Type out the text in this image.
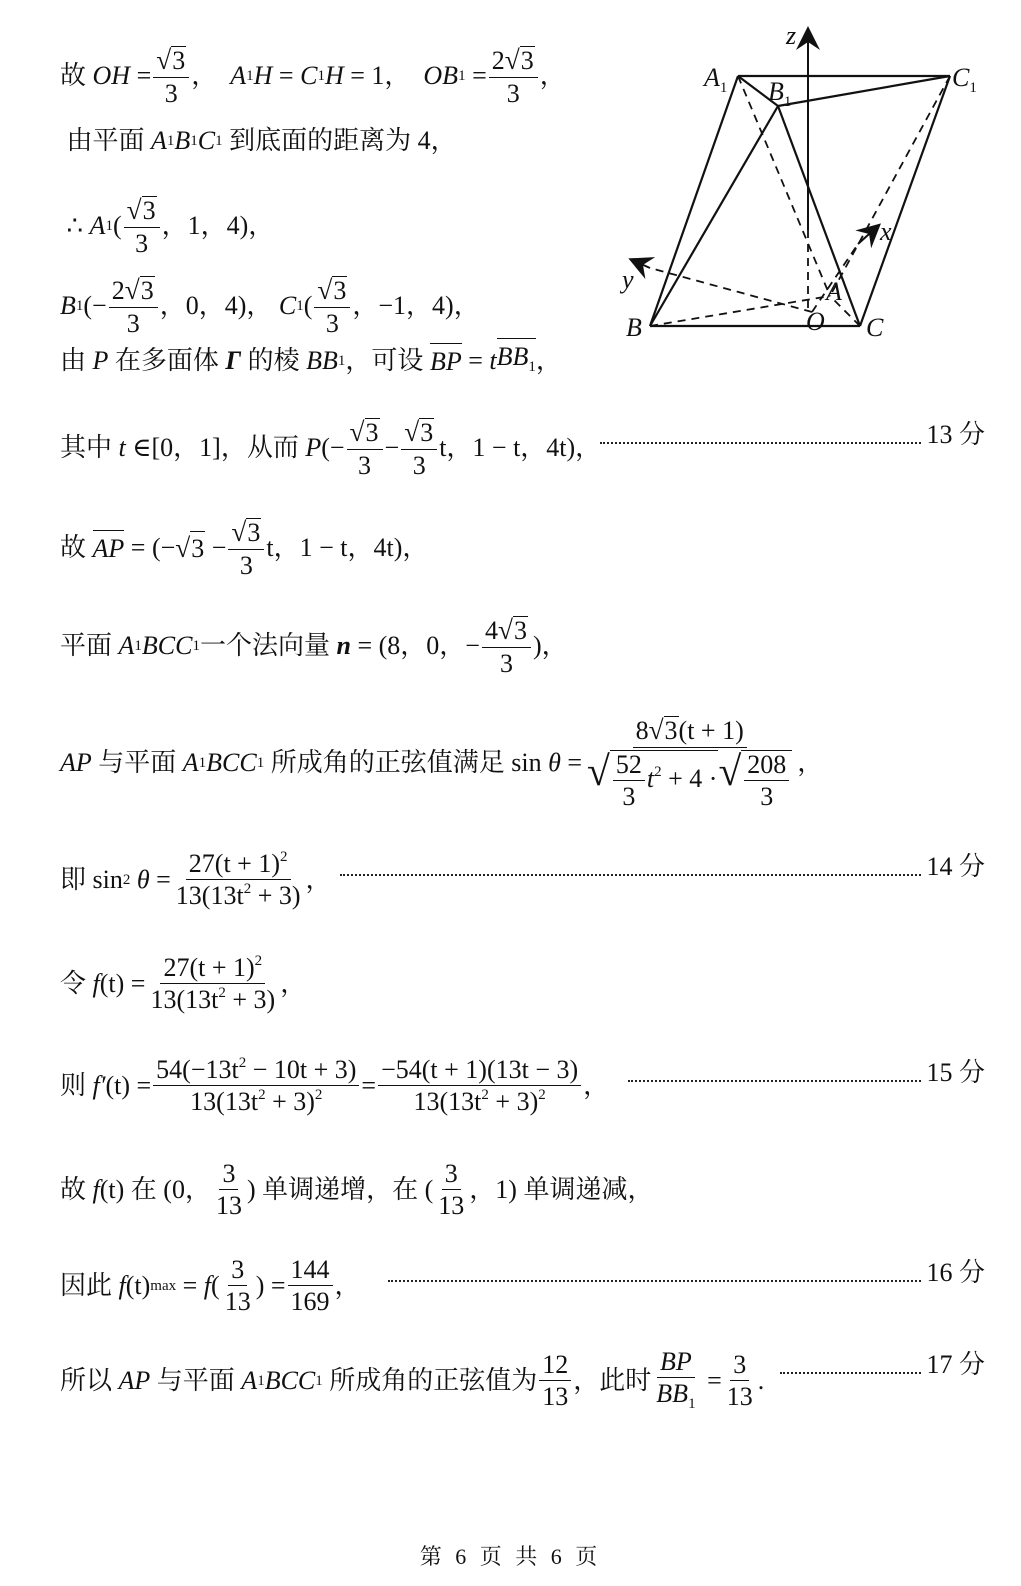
z
x
y
$A_1$ $B_1$
$C_1$
A
O
B	C
故
OH
= $\frac{√ 3}{3}$ ，
A 1 H
=
C 1 H
= 1 ，
OB 1
= $\frac{2 √ 3}{3}$ ，

由平面
A 1 B 1 C 1
到底面的距离为 4，

∴
A 1 ( $\frac{√ 3}{3}$ ，1，4)，
B 1 (− $\frac{2 √ 3}{3}$ ，0，4)，
C 1 ( $\frac{√ 3}{3}$ ，−1，4)，
由
P
在多面体
Γ
的棱
BB 1 ，可设
BP
=
t $BB_1$ ，
其中
t
∈[0，1]，从而
P (− $\frac{√ 3}{3} - \frac{√ 3}{3}$ t，1 − t，4t)，	13 分
故
AP
= (− √ 3
− $\frac{√ 3}{3}$ t，1 − t，4t)，
平面
A 1 BCC 1 一个法向量
n
= (8，0，− $\frac{4 √ 3}{3}$ )，
AP
与平面
A 1 BCC 1
所成角的正弦值满足 sin
θ
= $\frac{8 √ 3 (t + 1)}{√ \frac{52}{3} t^2 + 4 \cdot √ \frac{208}{3}}$ ，
即 sin 2
θ
= $\frac{27(t + 1)^2}{13(13t^2 + 3)}$ ，	14 分
令
f (t)
= $\frac{27(t + 1)^2}{13(13t^2 + 3)}$ ，
则
f′ (t)
= $\frac{54(-13t^2 - 10t + 3)}{13(13t^2 + 3)^2} = \frac{-54(t + 1)(13t - 3)}{13(13t^2 + 3)^2}$ ，	15 分
故
f (t)
在 (0， $\frac{3}{13}$ ) 单调递增，在 ( $\frac{3}{13}$ ，1) 单调递减，
因此
f (t) max
=
f ( $\frac{3}{13}$ )
= $\frac{144}{169}$ ，	16 分
所以
AP
与平面
A 1 BCC 1
所成角的正弦值为 $\frac{12}{13}$ ，此时 $\frac{BP}{BB_1}$
= $\frac{3}{13}$ .
17 分
第 6 页 共 6 页
